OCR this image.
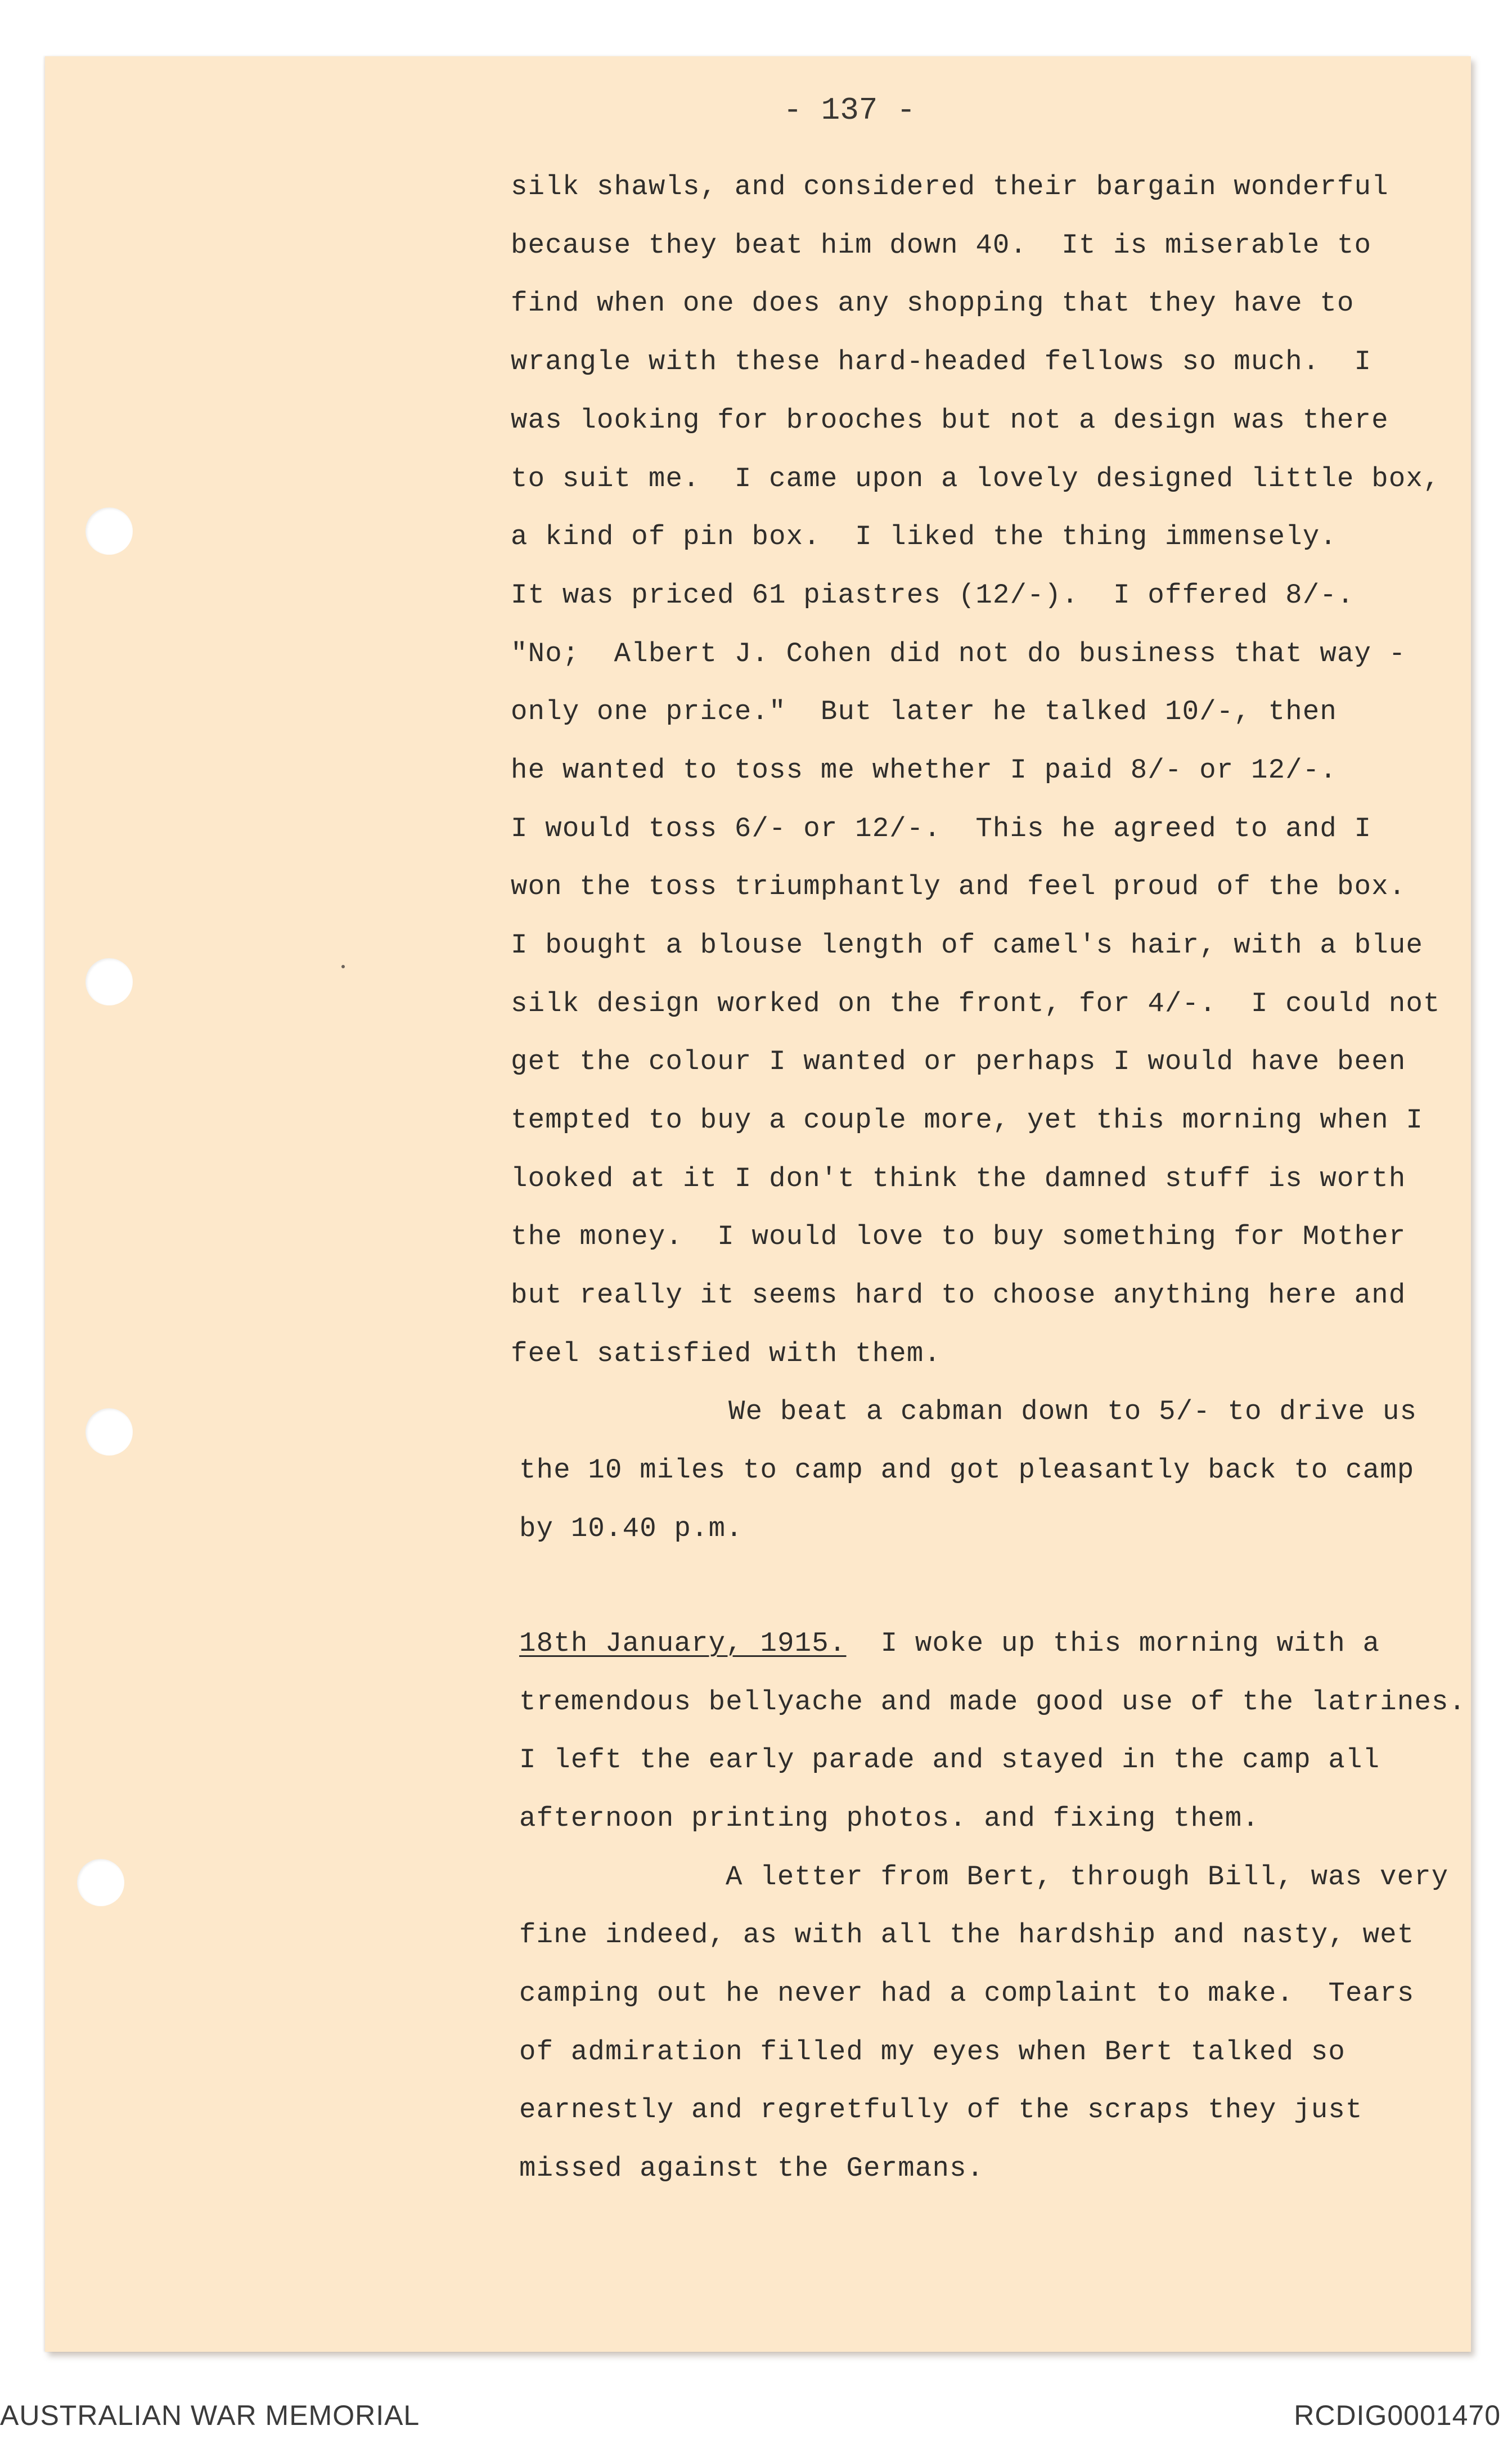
- 137 -
silk shawls, and considered their bargain wonderful
because they beat him down 40.  It is miserable to
find when one does any shopping that they have to
wrangle with these hard-headed fellows so much.  I
was looking for brooches but not a design was there
to suit me.  I came upon a lovely designed little box,
a kind of pin box.  I liked the thing immensely.
It was priced 61 piastres (12/-).  I offered 8/-.
"No;  Albert J. Cohen did not do business that way -
only one price."  But later he talked 10/-, then
he wanted to toss me whether I paid 8/- or 12/-.
I would toss 6/- or 12/-.  This he agreed to and I
won the toss triumphantly and feel proud of the box.
I bought a blouse length of camel's hair, with a blue
silk design worked on the front, for 4/-.  I could not
get the colour I wanted or perhaps I would have been
tempted to buy a couple more, yet this morning when I
looked at it I don't think the damned stuff is worth
the money.  I would love to buy something for Mother
but really it seems hard to choose anything here and
feel satisfied with them.
We beat a cabman down to 5/- to drive us
the 10 miles to camp and got pleasantly back to camp
by 10.40 p.m.
18th January, 1915.  I woke up this morning with a
tremendous bellyache and made good use of the latrines.
I left the early parade and stayed in the camp all
afternoon printing photos. and fixing them.
A letter from Bert, through Bill, was very
fine indeed, as with all the hardship and nasty, wet
camping out he never had a complaint to make.  Tears
of admiration filled my eyes when Bert talked so
earnestly and regretfully of the scraps they just
missed against the Germans.
AUSTRALIAN WAR MEMORIAL	RCDIG0001470
